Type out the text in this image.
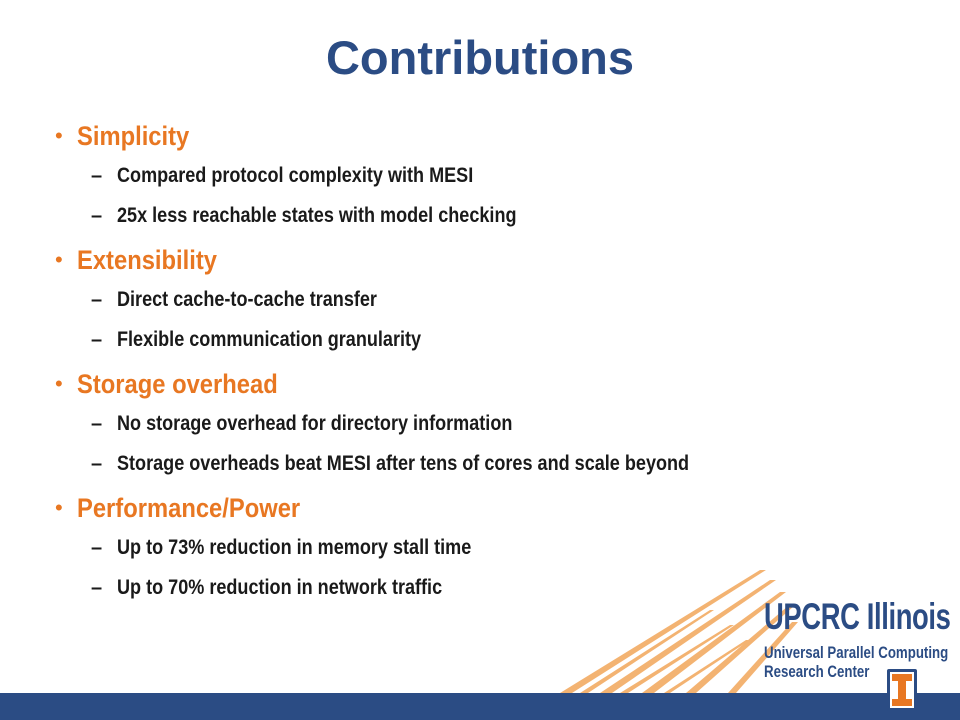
Contributions
• Simplicity
– Compared protocol complexity with MESI
– 25x less reachable states with model checking
• Extensibility
– Direct cache-to-cache transfer
– Flexible communication granularity
• Storage overhead
– No storage overhead for directory information
– Storage overheads beat MESI after tens of cores and scale beyond
• Performance/Power
– Up to 73% reduction in memory stall time
– Up to 70% reduction in network traffic
UPCRC Illinois
Universal Parallel Computing
Research Center
